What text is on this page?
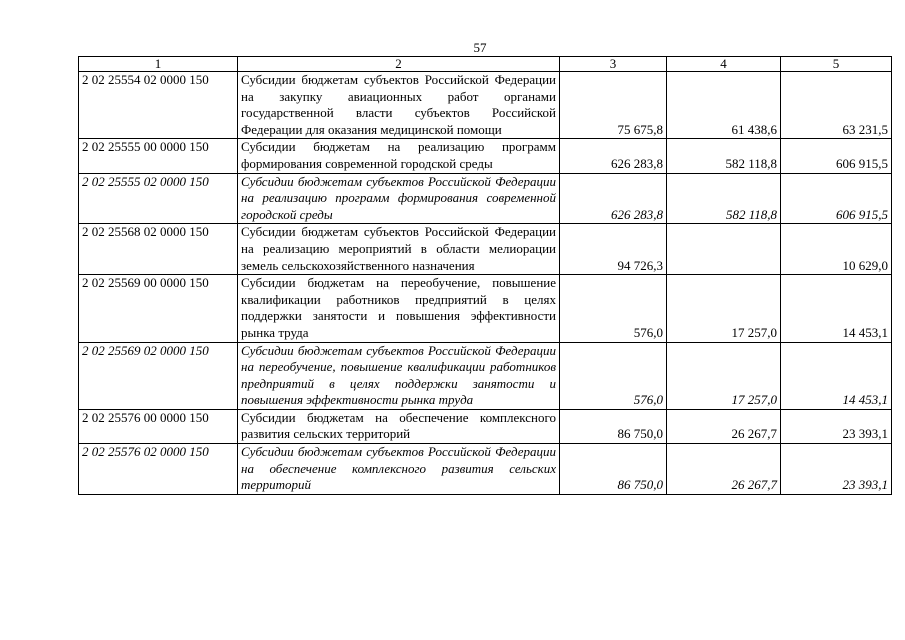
57
1	2	3	4	5
2 02 25554 02 0000 150	Субсидии бюджетам субъектов Российской Федерации на закупку авиационных работ органами государственной власти субъектов Российской Федерации для оказания медицинской помощи	75 675,8	61 438,6	63 231,5
2 02 25555 00 0000 150	Субсидии бюджетам на реализацию программ формирования современной городской среды	626 283,8	582 118,8	606 915,5
2 02 25555 02 0000 150	Субсидии бюджетам субъектов Российской Федерации на реализацию программ формирования современной городской среды	626 283,8	582 118,8	606 915,5
2 02 25568 02 0000 150	Субсидии бюджетам субъектов Российской Федерации на реализацию мероприятий в области мелиорации земель сельскохозяйственного назначения	94 726,3		10 629,0
2 02 25569 00 0000 150	Субсидии бюджетам на переобучение, повышение квалификации работников предприятий в целях поддержки занятости и повышения эффективности рынка труда	576,0	17 257,0	14 453,1
2 02 25569 02 0000 150	Субсидии бюджетам субъектов Российской Федерации на переобучение, повышение квалификации работников предприятий в целях поддержки занятости и повышения эффективности рынка труда	576,0	17 257,0	14 453,1
2 02 25576 00 0000 150	Субсидии бюджетам на обеспечение комплексного развития сельских территорий	86 750,0	26 267,7	23 393,1
2 02 25576 02 0000 150	Субсидии бюджетам субъектов Российской Федерации на обеспечение комплексного развития сельских территорий	86 750,0	26 267,7	23 393,1
